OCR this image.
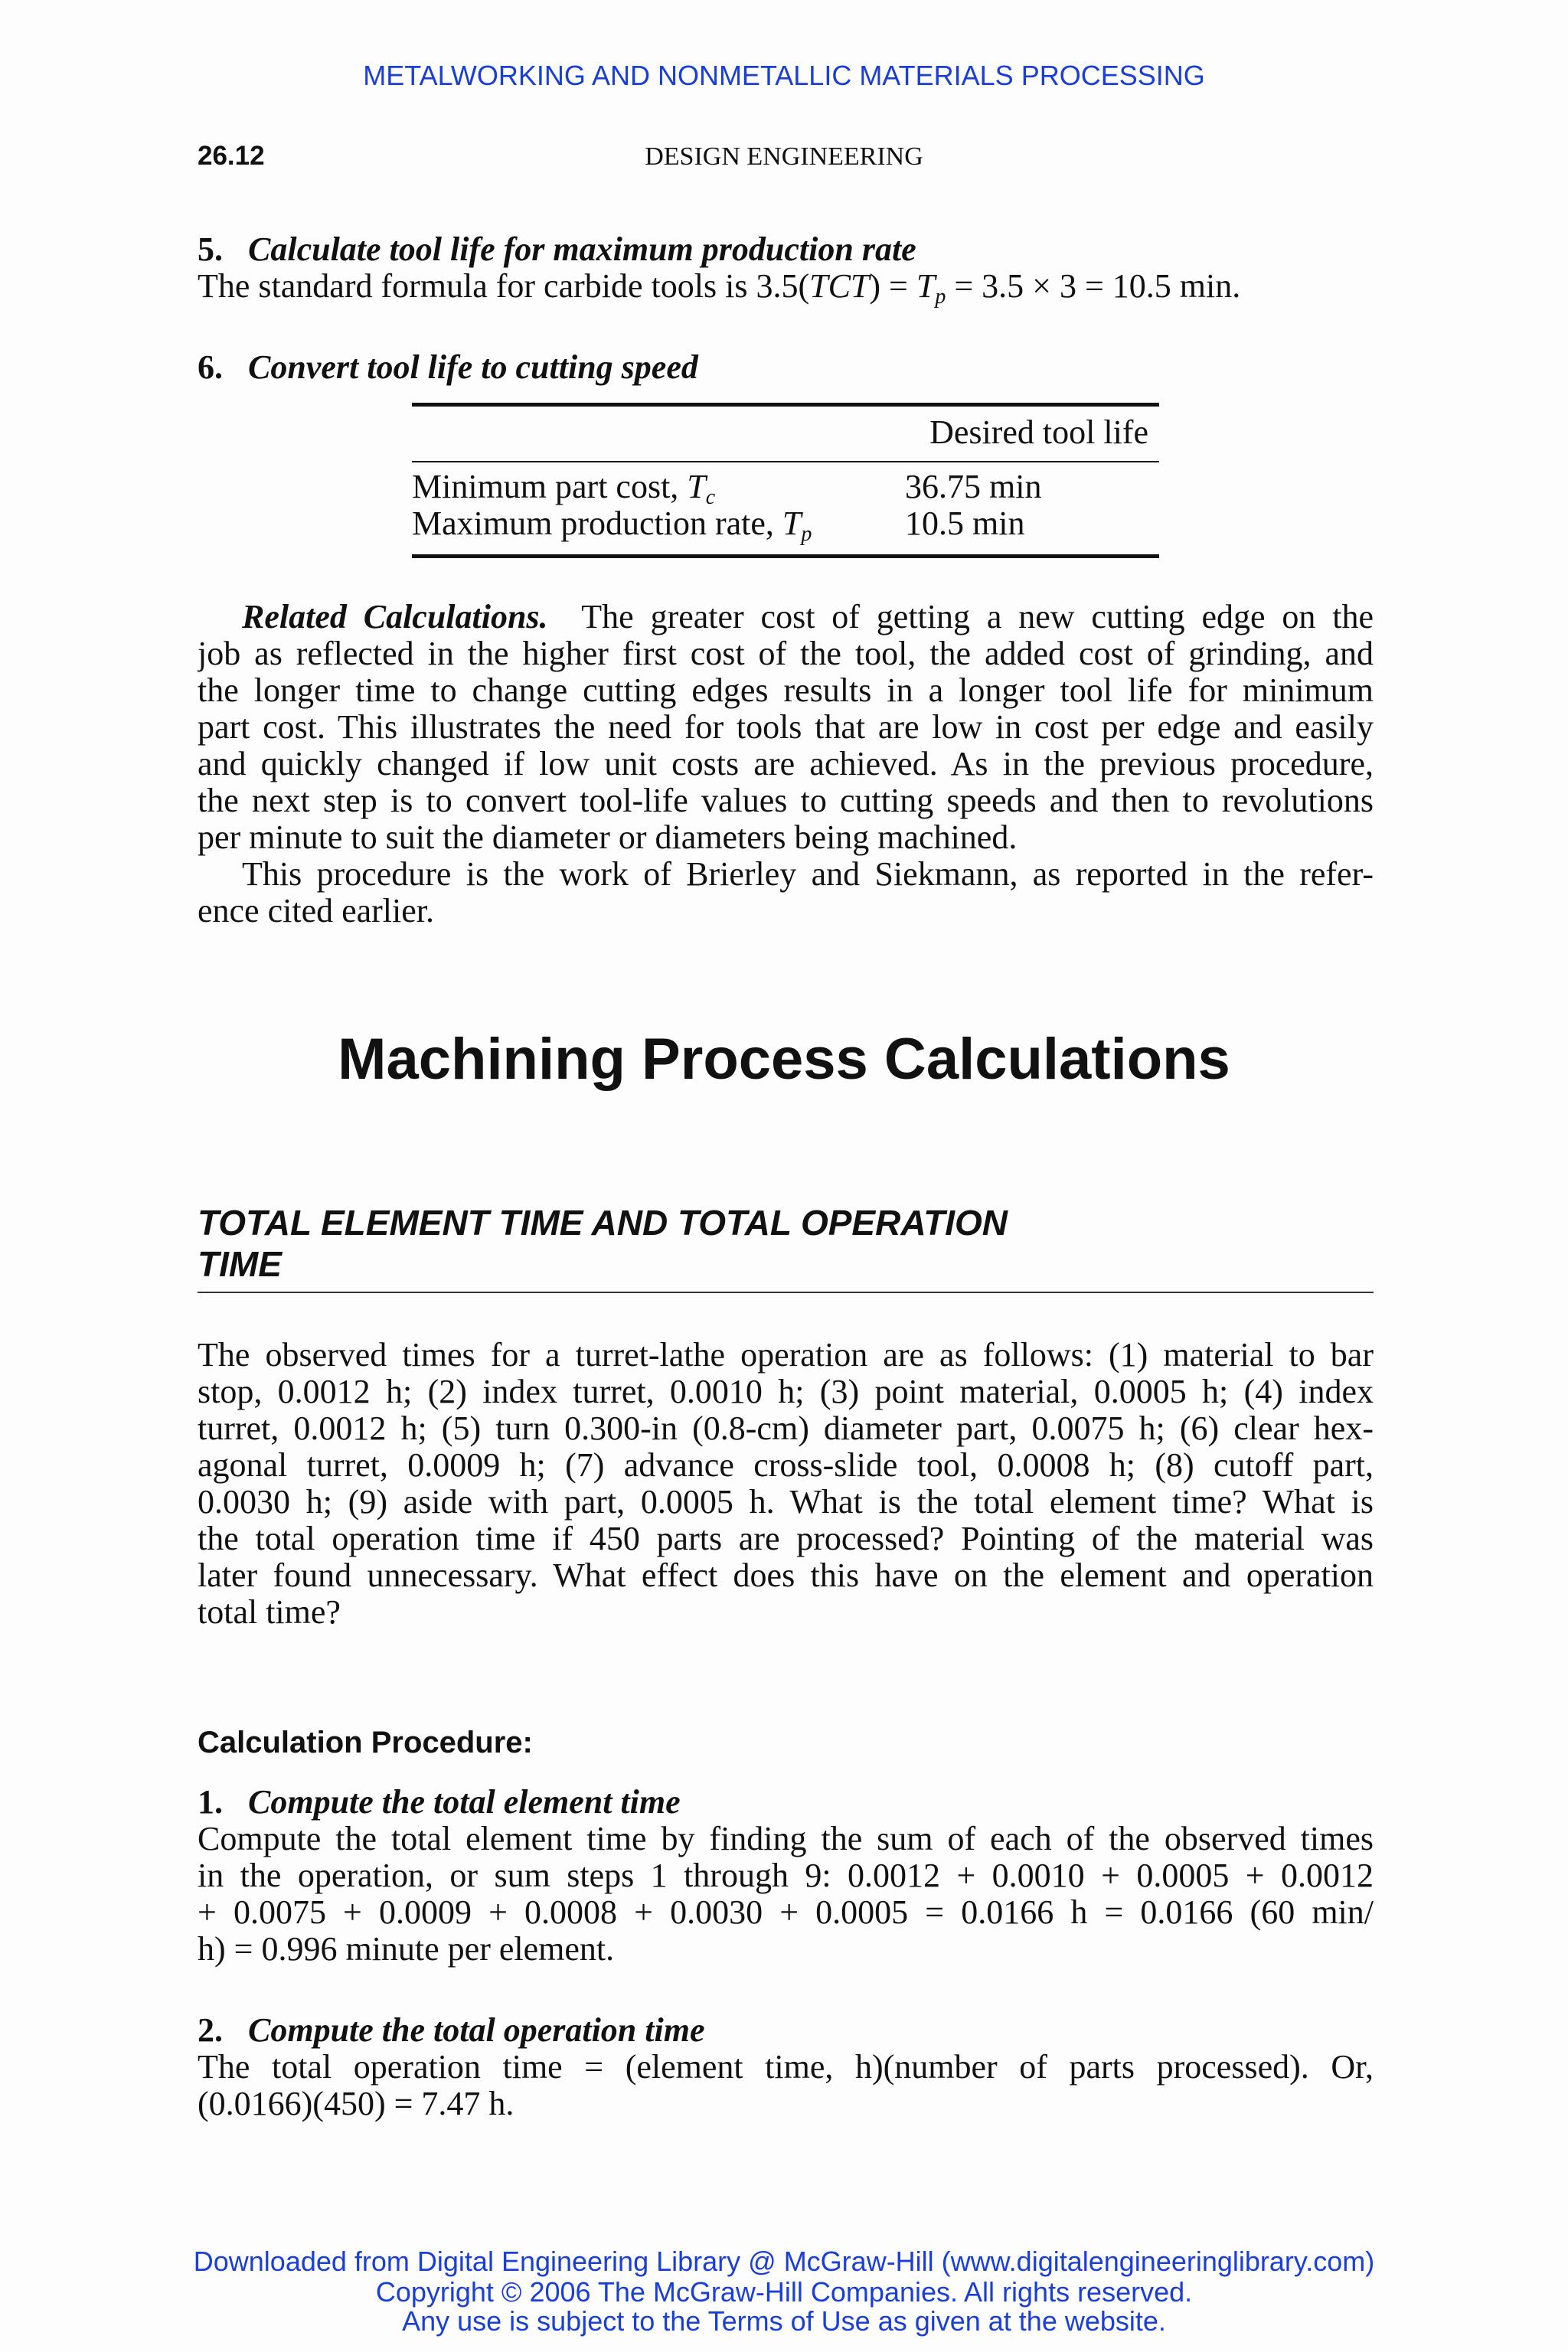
METALWORKING AND NONMETALLIC MATERIALS PROCESSING
26.12	DESIGN ENGINEERING
5. Calculate tool life for maximum production rate
The standard formula for carbide tools is $3.5(TCT) = T_p = 3.5 \times 3 = 10.5$ min.
6. Convert tool life to cutting speed
Desired tool life
Minimum part cost, $T_c$	36.75 min
Maximum production rate, $T_p$	10.5 min
Related Calculations. The greater cost of getting a new cutting edge on the
job as reflected in the higher first cost of the tool, the added cost of grinding, and
the longer time to change cutting edges results in a longer tool life for minimum
part cost. This illustrates the need for tools that are low in cost per edge and easily
and quickly changed if low unit costs are achieved. As in the previous procedure,
the next step is to convert tool-life values to cutting speeds and then to revolutions
per minute to suit the diameter or diameters being machined.
This procedure is the work of Brierley and Siekmann, as reported in the refer-
ence cited earlier.
Machining Process Calculations
TOTAL ELEMENT TIME AND TOTAL OPERATION
TIME
The observed times for a turret-lathe operation are as follows: (1) material to bar
stop, 0.0012 h; (2) index turret, 0.0010 h; (3) point material, 0.0005 h; (4) index
turret, 0.0012 h; (5) turn 0.300-in (0.8-cm) diameter part, 0.0075 h; (6) clear hex-
agonal turret, 0.0009 h; (7) advance cross-slide tool, 0.0008 h; (8) cutoff part,
0.0030 h; (9) aside with part, 0.0005 h. What is the total element time? What is
the total operation time if 450 parts are processed? Pointing of the material was
later found unnecessary. What effect does this have on the element and operation
total time?
Calculation Procedure:
1. Compute the total element time
Compute the total element time by finding the sum of each of the observed times
in the operation, or sum steps 1 through 9: 0.0012 + 0.0010 + 0.0005 + 0.0012
+ 0.0075 + 0.0009 + 0.0008 + 0.0030 + 0.0005 = 0.0166 h = 0.0166 (60 min/
h) = 0.996 minute per element.
2. Compute the total operation time
The total operation time = (element time, h)(number of parts processed). Or,
(0.0166)(450) = 7.47 h.
Downloaded from Digital Engineering Library @ McGraw-Hill (www.digitalengineeringlibrary.com)
Copyright © 2006 The McGraw-Hill Companies. All rights reserved.
Any use is subject to the Terms of Use as given at the website.
